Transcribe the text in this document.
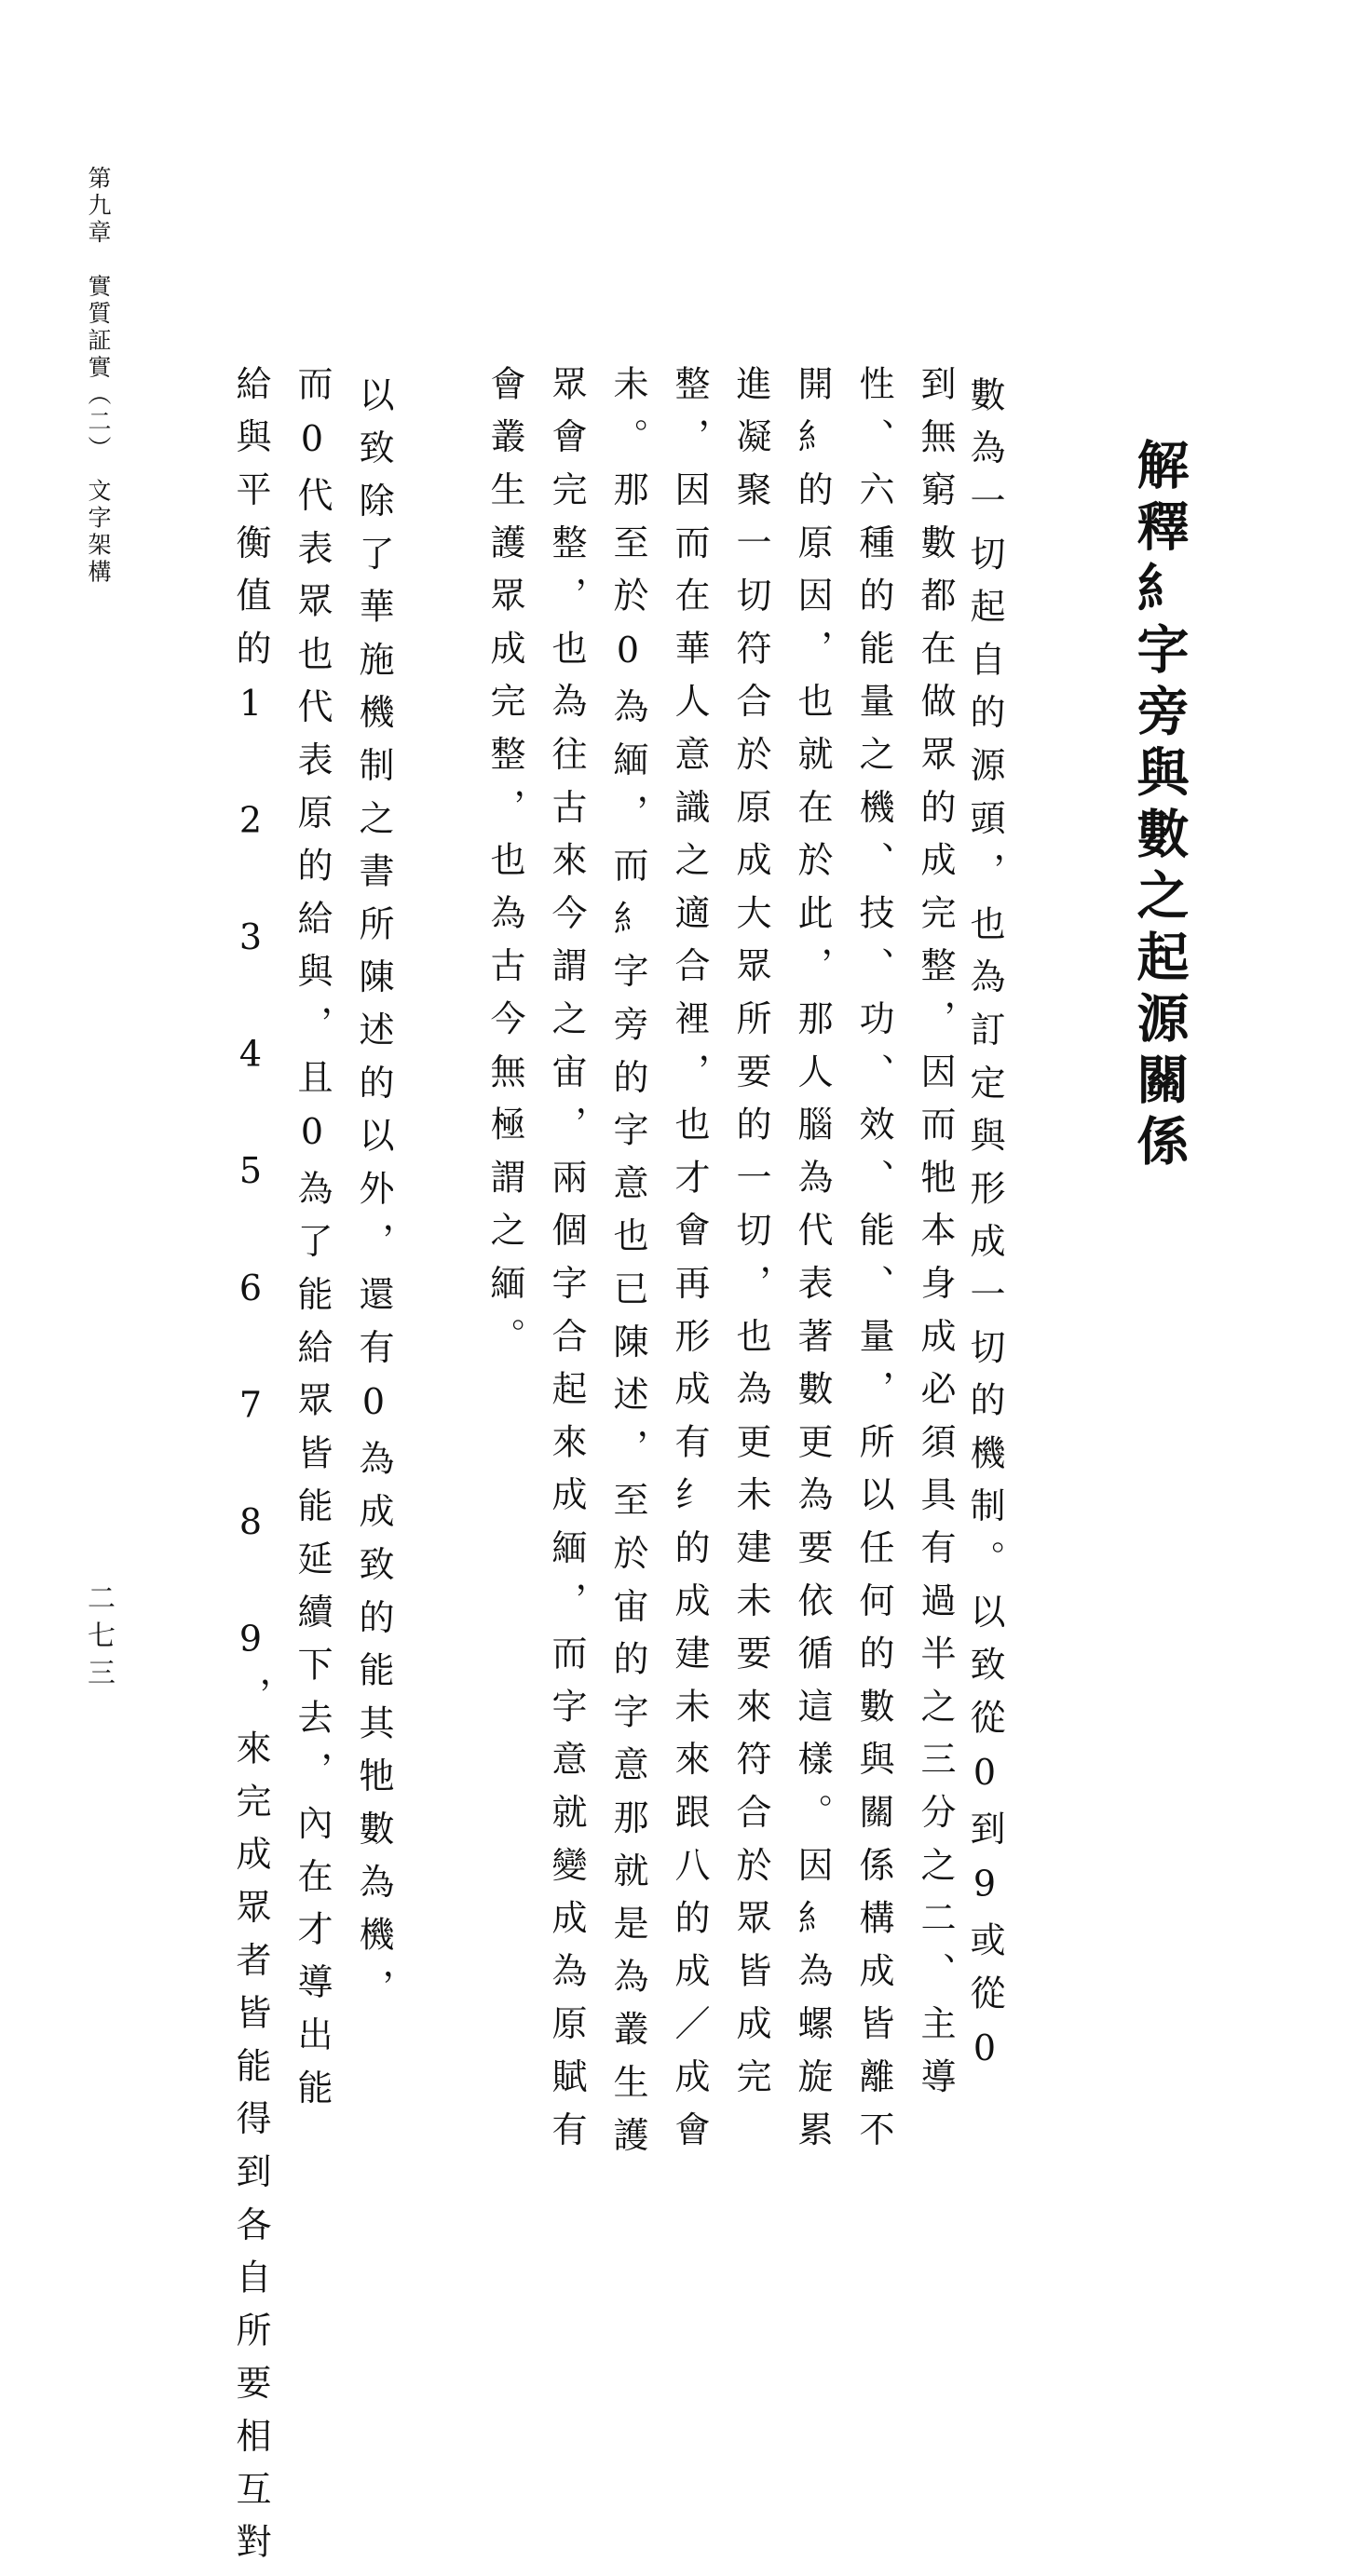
第九章　實質証實（二）　文字架構
二七三
解釋糹字旁與數之起源關係

數為一切起自的源頭，也為訂定與形成一切的機制。以致從0到9或從0

到無窮數都在做眾的成完整，因而牠本身成必須具有過半之三分之二、主導

性、六種的能量之機、技、功、效、能、量，所以任何的數與關係構成皆離不

開糹的原因，也就在於此，那人腦為代表著數更為要依循這樣。因糹為螺旋累

進凝聚一切符合於原成大眾所要的一切，也為更未建未要來符合於眾皆成完

整，因而在華人意識之適合裡，也才會再形成有纟的成建未來跟八的成／成會

未。那至於0為緬，而糹字旁的字意也已陳述，至於宙的字意那就是為叢生護

眾會完整，也為往古來今謂之宙，兩個字合起來成緬，而字意就變成為原賦有

會叢生護眾成完整，也為古今無極謂之緬。

以致除了華施機制之書所陳述的以外，還有0為成致的能其牠數為機，

而0代表眾也代表原的給與，且0為了能給眾皆能延續下去，內在才導出能

給與平衡值的1 2 3 4 5 6 7 8 9，來完成眾者皆能得到各自所要相互對
